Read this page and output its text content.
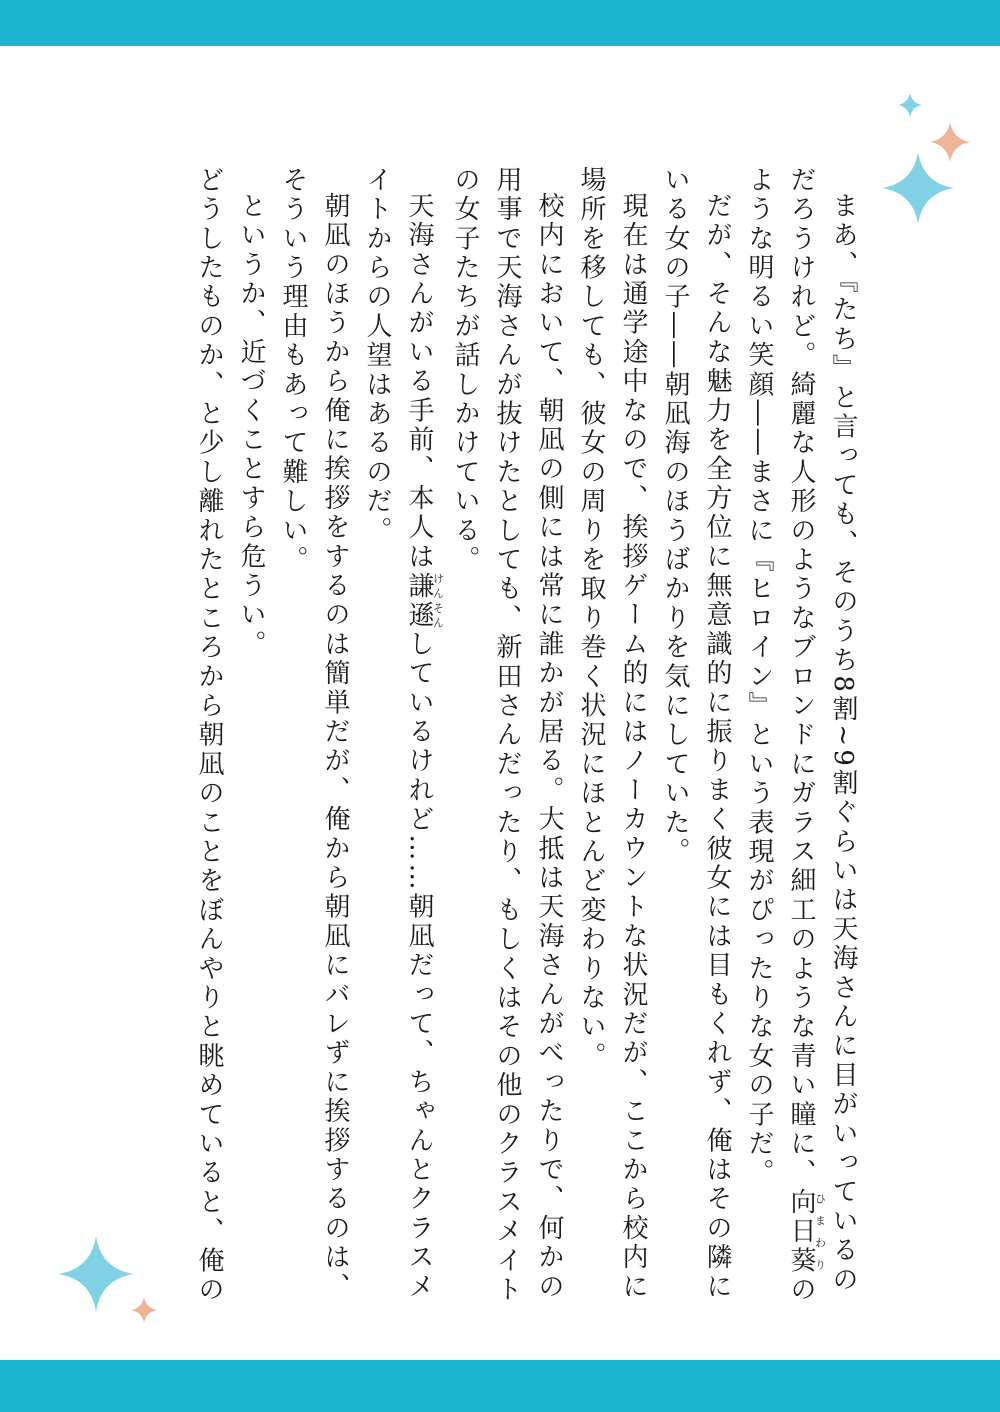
まあ、『たち』と言っても、そのうち8割~9割ぐらいは天海さんに目がいっているのだろうけれど。綺麗な人形のようなブロンドにガラス細工のような青い瞳に、向日葵ひまわりのような明るい笑顔――まさに『ヒロイン』という表現がぴったりな女の子だ。

だが、そんな魅力を全方位に無意識的に振りまく彼女には目もくれず、俺はその隣にいる女の子――朝凪海のほうばかりを気にしていた。

現在は通学途中なので、挨拶ゲーム的にはノーカウントな状況だが、ここから校内に場所を移しても、彼女の周りを取り巻く状況にほとんど変わりない。

校内において、朝凪の側には常に誰かが居る。大抵は天海さんがべったりで、何かの用事で天海さんが抜けたとしても、新田さんだったり、もしくはその他のクラスメイトの女子たちが話しかけている。

天海さんがいる手前、本人は謙遜けんそんしているけれど……朝凪だって、ちゃんとクラスメイトからの人望はあるのだ。

朝凪のほうから俺に挨拶をするのは簡単だが、俺から朝凪にバレずに挨拶するのは、そういう理由もあって難しい。

というか、近づくことすら危うい。

どうしたものか、と少し離れたところから朝凪のことをぼんやりと眺めていると、俺の
